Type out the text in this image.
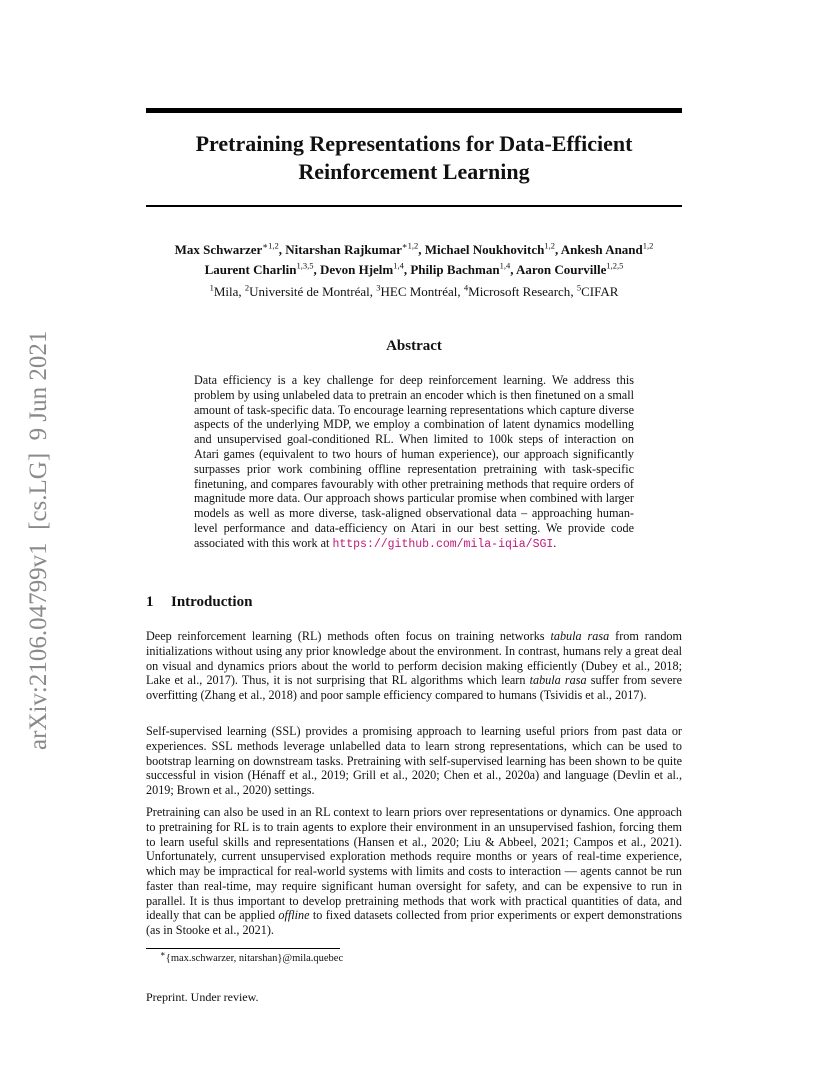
arXiv:2106.04799v1  [cs.LG]  9 Jun 2021
Pretraining Representations for Data-Efficient
Reinforcement Learning
Max Schwarzer$^{∗1,2}$, Nitarshan Rajkumar$^{∗1,2}$, Michael Noukhovitch$^{1,2}$, Ankesh Anand$^{1,2}$
Laurent Charlin$^{1,3,5}$, Devon Hjelm$^{1,4}$, Philip Bachman$^{1,4}$, Aaron Courville$^{1,2,5}$
$^1$Mila, $^2$Université de Montréal, $^3$HEC Montréal, $^4$Microsoft Research, $^5$CIFAR
Abstract

Data efficiency is a key challenge for deep reinforcement learning. We address this problem by using unlabeled data to pretrain an encoder which is then finetuned on a small amount of task-specific data. To encourage learning representations which capture diverse aspects of the underlying MDP, we employ a combination of latent dynamics modelling and unsupervised goal-conditioned RL. When limited to 100k steps of interaction on Atari games (equivalent to two hours of human experience), our approach significantly surpasses prior work combining offline representation pretraining with task-specific finetuning, and compares favourably with other pretraining methods that require orders of magnitude more data. Our approach shows particular promise when combined with larger models as well as more diverse, task-aligned observational data – approaching human-level performance and data-efficiency on Atari in our best setting. We provide code associated with this work at https://github.com/mila-iqia/SGI.

1 Introduction

Deep reinforcement learning (RL) methods often focus on training networks tabula rasa from random initializations without using any prior knowledge about the environment. In contrast, humans rely a great deal on visual and dynamics priors about the world to perform decision making efficiently (Dubey et al., 2018; Lake et al., 2017). Thus, it is not surprising that RL algorithms which learn tabula rasa suffer from severe overfitting (Zhang et al., 2018) and poor sample efficiency compared to humans (Tsividis et al., 2017).

Self-supervised learning (SSL) provides a promising approach to learning useful priors from past data or experiences. SSL methods leverage unlabelled data to learn strong representations, which can be used to bootstrap learning on downstream tasks. Pretraining with self-supervised learning has been shown to be quite successful in vision (Hénaff et al., 2019; Grill et al., 2020; Chen et al., 2020a) and language (Devlin et al., 2019; Brown et al., 2020) settings.

Pretraining can also be used in an RL context to learn priors over representations or dynamics. One approach to pretraining for RL is to train agents to explore their environment in an unsupervised fashion, forcing them to learn useful skills and representations (Hansen et al., 2020; Liu & Abbeel, 2021; Campos et al., 2021). Unfortunately, current unsupervised exploration methods require months or years of real-time experience, which may be impractical for real-world systems with limits and costs to interaction — agents cannot be run faster than real-time, may require significant human oversight for safety, and can be expensive to run in parallel. It is thus important to develop pretraining methods that work with practical quantities of data, and ideally that can be applied offline to fixed datasets collected from prior experiments or expert demonstrations (as in Stooke et al., 2021).

∗{max.schwarzer, nitarshan}@mila.quebec
Preprint. Under review.
